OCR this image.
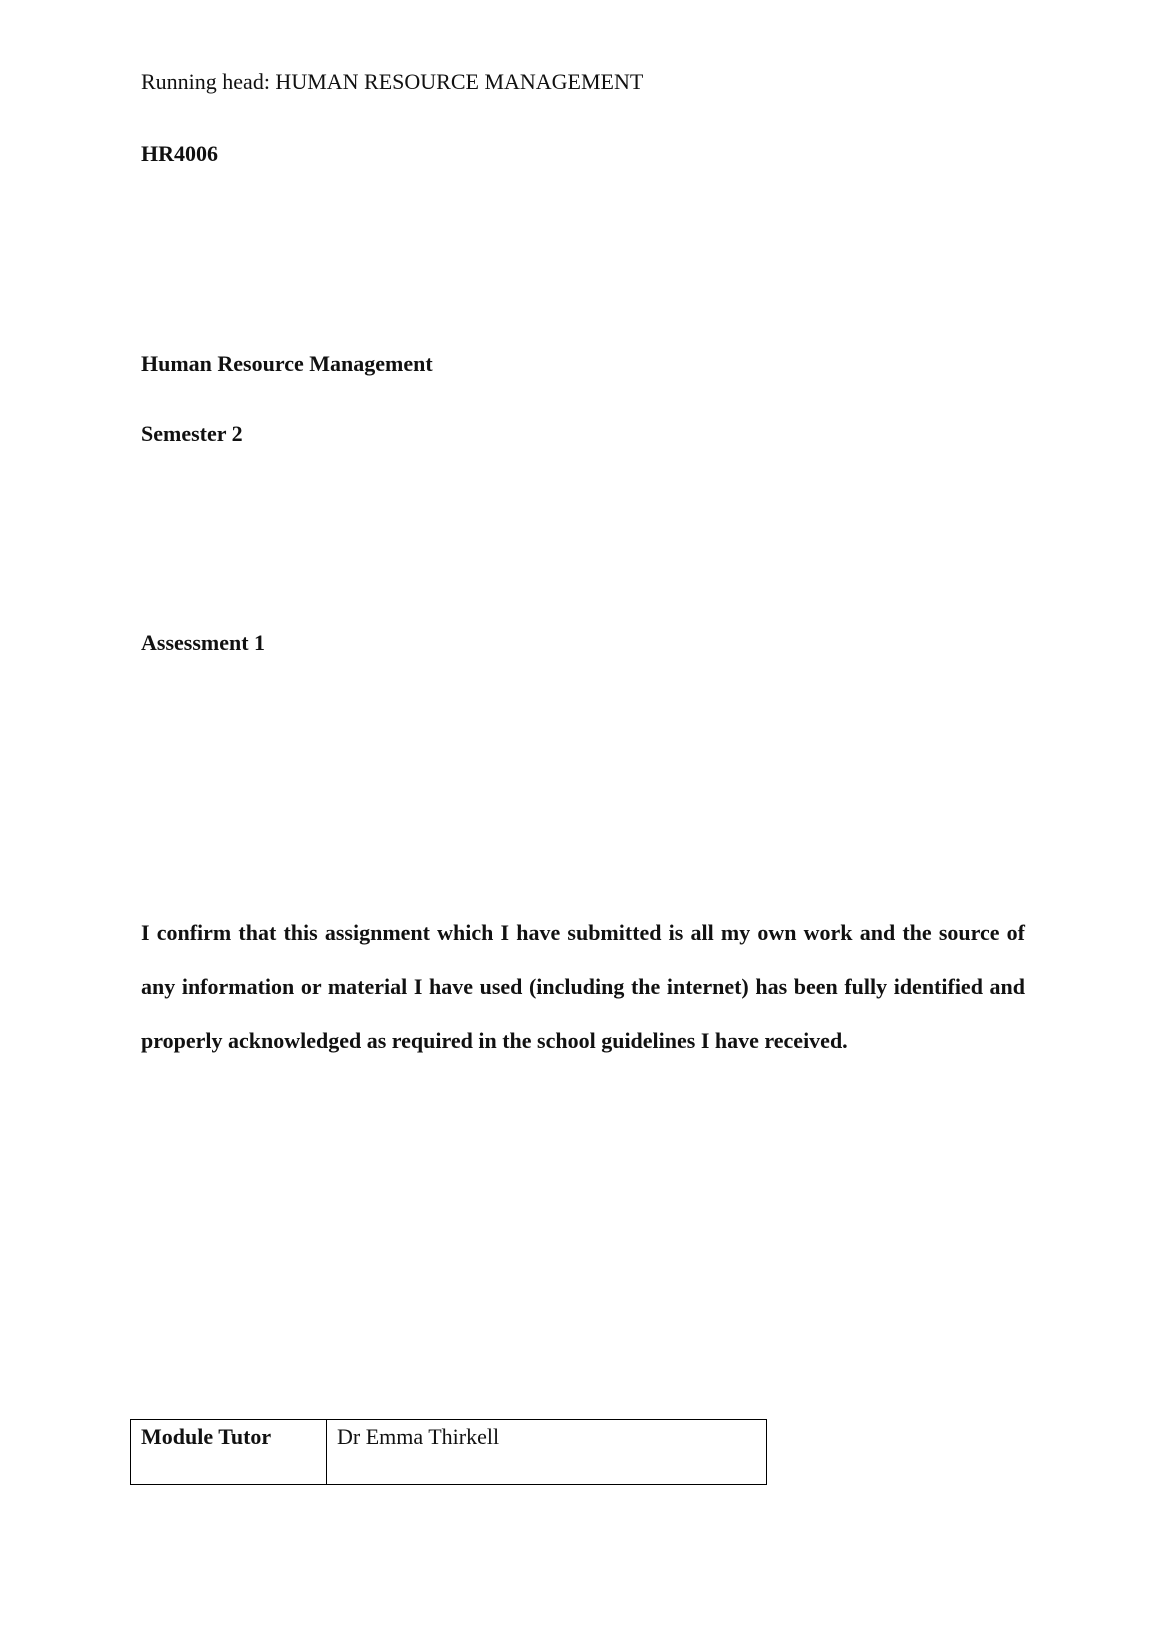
Running head: HUMAN RESOURCE MANAGEMENT
HR4006
Human Resource Management
Semester 2
Assessment 1
I confirm that this assignment which I have submitted is all my own work and the source of any information or material I have used (including the internet) has been fully identified and properly acknowledged as required in the school guidelines I have received.
Module Tutor	Dr Emma Thirkell
